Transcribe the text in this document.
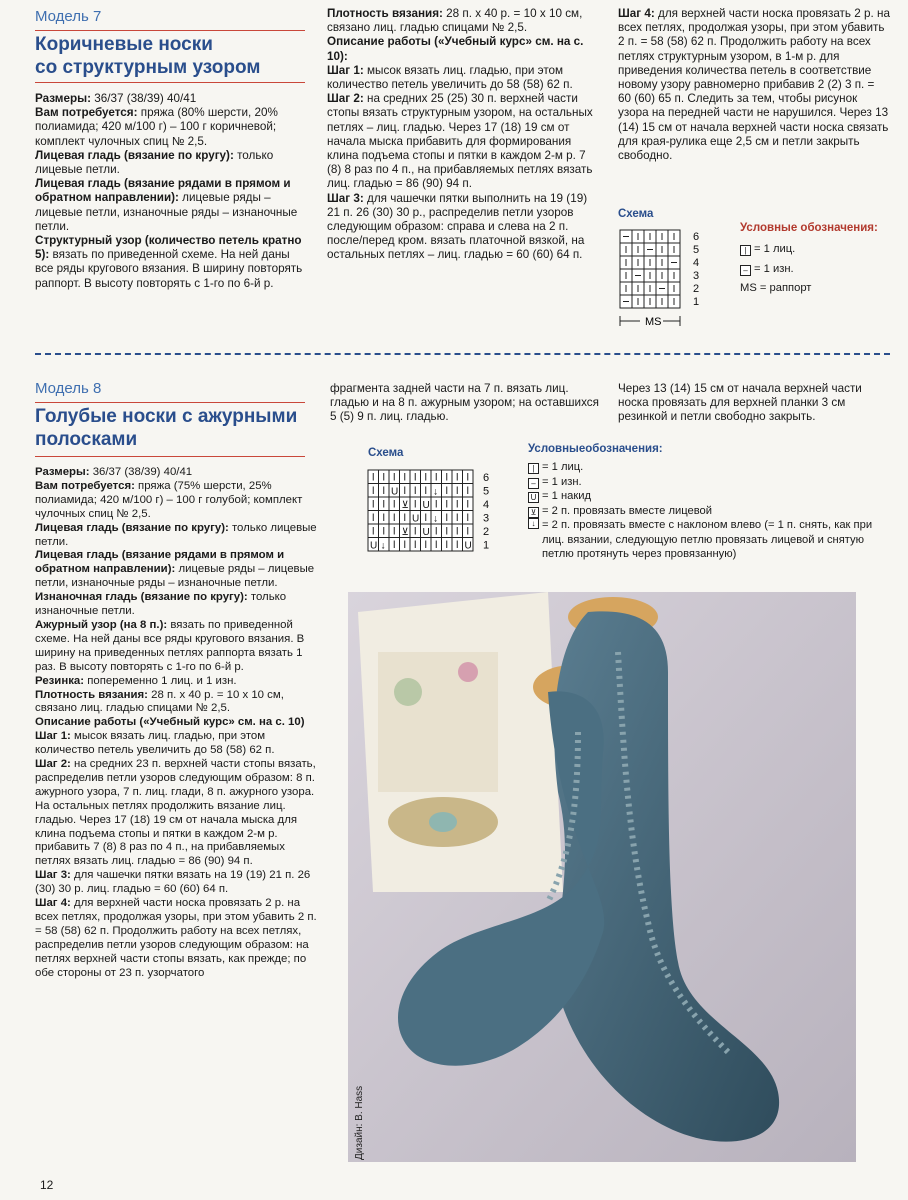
Модель 7
Коричневые носки
со структурным узором

Размеры: 36/37 (38/39) 40/41

Вам потребуется: пряжа (80% шерсти, 20% полиамида; 420 м/100 г) – 100 г коричневой; комплект чулочных спиц № 2,5.

Лицевая гладь (вязание по кругу): только лицевые петли.

Лицевая гладь (вязание рядами в прямом и обратном направлении): лицевые ряды – лицевые петли, изнаночные ряды – изнаночные петли.

Структурный узор (количество петель кратно 5): вязать по приведенной схеме. На ней даны все ряды кругового вязания. В ширину повторять раппорт. В высоту повторять с 1-го по 6-й р.

Плотность вязания: 28 п. х 40 р. = 10 х 10 см, связано лиц. гладью спицами № 2,5.

Описание работы («Учебный курс» см. на с. 10):

Шаг 1: мысок вязать лиц. гладью, при этом количество петель увеличить до 58 (58) 62 п.

Шаг 2: на средних 25 (25) 30 п. верхней части стопы вязать структурным узором, на остальных петлях – лиц. гладью. Через 17 (18) 19 см от начала мыска прибавить для формирования клина подъема стопы и пятки в каждом 2-м р. 7 (8) 8 раз по 4 п., на прибавляемых петлях вязать лиц. гладью = 86 (90) 94 п.

Шаг 3: для чашечки пятки выполнить на 19 (19) 21 п. 26 (30) 30 р., распределив петли узоров следующим образом: справа и слева на 2 п. после/перед кром. вязать платочной вязкой, на остальных петлях – лиц. гладью = 60 (60) 64 п.

Шаг 4: для верхней части носка провязать 2 р. на всех петлях, продолжая узоры, при этом убавить 2 п. = 58 (58) 62 п. Продолжить работу на всех петлях структурным узором, в 1-м р. для приведения количества петель в соответствие новому узору равномерно прибавив 2 (2) 3 п. = 60 (60) 65 п. Следить за тем, чтобы рисунок узора на передней части не нарушился. Через 13 (14) 15 см от начала верхней части носка связать для края-рулика еще 2,5 см и петли закрыть свободно.

Схема
6
5
4
3
2
1
MS
Условные обозначения:
| = 1 лиц.
– = 1 изн.
MS = раппорт
Модель 8
Голубые носки с ажурными
полосками

Размеры: 36/37 (38/39) 40/41

Вам потребуется: пряжа (75% шерсти, 25% полиамида; 420 м/100 г) – 100 г голубой; комплект чулочных спиц № 2,5.

Лицевая гладь (вязание по кругу): только лицевые петли.

Лицевая гладь (вязание рядами в прямом и обратном направлении): лицевые ряды – лицевые петли, изнаночные ряды – изнаночные петли.

Изнаночная гладь (вязание по кругу): только изнаночные петли.

Ажурный узор (на 8 п.): вязать по приведенной схеме. На ней даны все ряды кругового вязания. В ширину на приведенных петлях раппорта вязать 1 раз. В высоту повторять с 1-го по 6-й р.

Резинка: попеременно 1 лиц. и 1 изн.

Плотность вязания: 28 п. х 40 р. = 10 х 10 см, связано лиц. гладью спицами № 2,5.

Описание работы («Учебный курс» см. на с. 10)

Шаг 1: мысок вязать лиц. гладью, при этом количество петель увеличить до 58 (58) 62 п.

Шаг 2: на средних 23 п. верхней части стопы вязать, распределив петли узоров следующим образом: 8 п. ажурного узора, 7 п. лиц. глади, 8 п. ажурного узора. На остальных петлях продолжить вязание лиц. гладью. Через 17 (18) 19 см от начала мыска для клина подъема стопы и пятки в каждом 2-м р. прибавить 7 (8) 8 раз по 4 п., на прибавляемых петлях вязать лиц. гладью = 86 (90) 94 п.

Шаг 3: для чашечки пятки вязать на 19 (19) 21 п. 26 (30) 30 р. лиц. гладью = 60 (60) 64 п.

Шаг 4: для верхней части носка провязать 2 р. на всех петлях, продолжая узоры, при этом убавить 2 п. = 58 (58) 62 п. Продолжить работу на всех петлях, распределив петли узоров следующим образом: на петлях верхней части стопы вязать, как прежде; по обе стороны от 23 п. узорчатого

фрагмента задней части на 7 п. вязать лиц. гладью и на 8 п. ажурным узором; на оставшихся 5 (5) 9 п. лиц. гладью.
Через 13 (14) 15 см от начала верхней части носка провязать для верхней планки 3 см резинкой и петли свободно закрыть.
Схема
U	↓
⊻ U
U ↓
⊻ U
U ↓	U
6
5
4
3
2
1
Условныеобозначения:
| = 1 лиц.
– = 1 изн.
U = 1 накид
⊻ = 2 п. провязать вместе лицевой
↓ = 2 п. провязать вместе с наклоном влево (= 1 п. снять, как при лиц. вязании, следующую петлю провязать лицевой и снятую петлю протянуть через провязанную)
Дизайн: B. Hass
12
